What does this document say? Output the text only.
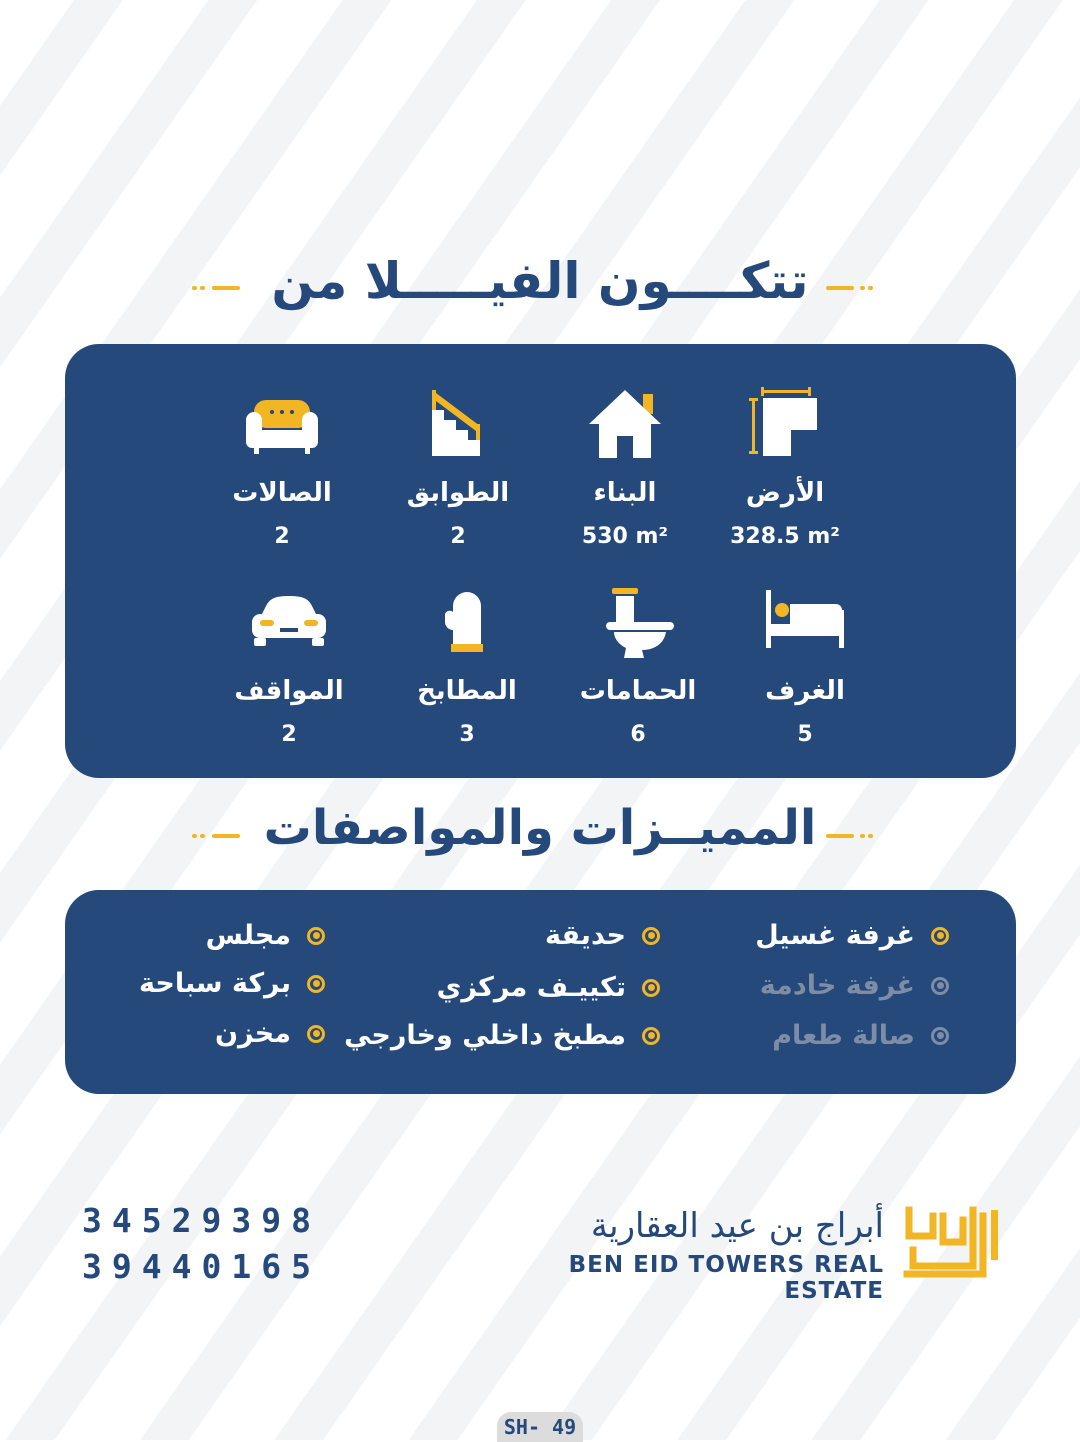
تتكــــون الفيـــــلا من
الأرض
328.5 m²
البناء
530 m²
الطوابق
2
الصالات
2
الغرف
5
الحمامات
6
المطابخ
3
المواقف
2
المميــزات والمواصفات
غرفة غسيل
غرفة خادمة
صالة طعام
حديقة
تكييـف مركزي
مطبخ داخلي وخارجي
مجلس
بركة سباحة
مخزن
34529398
39440165
أبراج بن عيد العقارية
BEN EID TOWERS REAL ESTATE
SH- 49
